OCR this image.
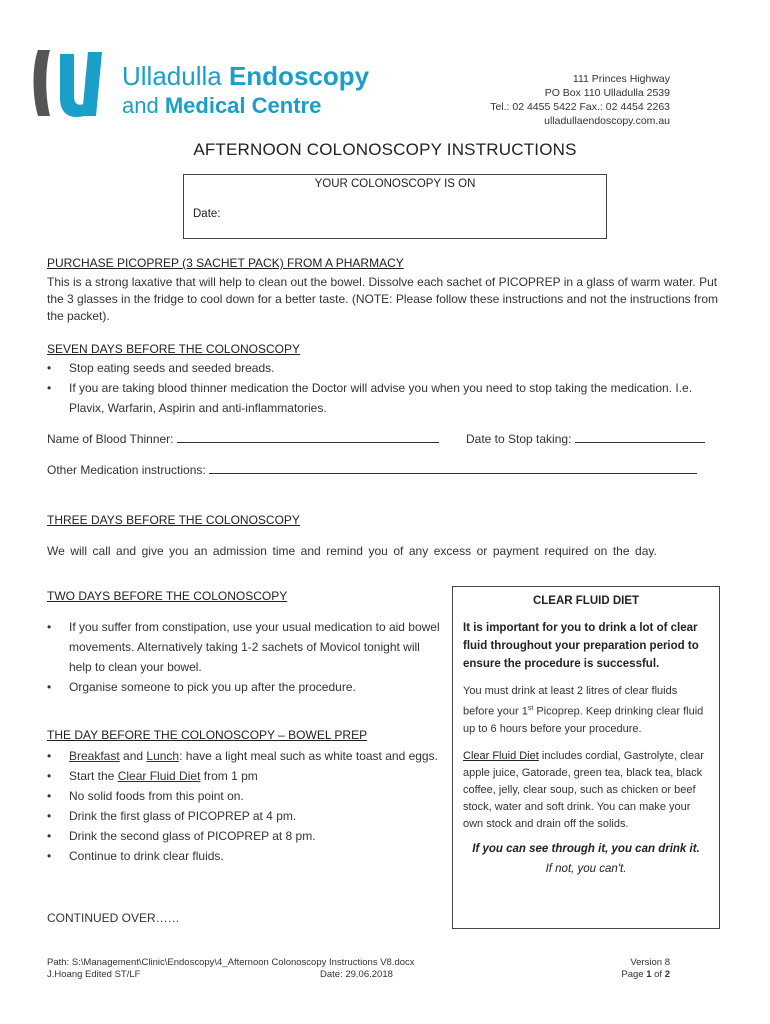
Ulladulla Endoscopy
and Medical Centre
111 Princes Highway
PO Box 110 Ulladulla 2539
Tel.: 02 4455 5422 Fax.: 02 4454 2263
ulladullaendoscopy.com.au
AFTERNOON COLONOSCOPY INSTRUCTIONS
YOUR COLONOSCOPY IS ON
Date:
PURCHASE PICOPREP (3 SACHET PACK) FROM A PHARMACY
This is a strong laxative that will help to clean out the bowel. Dissolve each sachet of PICOPREP in a glass of warm water. Put the 3 glasses in the fridge to cool down for a better taste. (NOTE: Please follow these instructions and not the instructions from the packet).
SEVEN DAYS BEFORE THE COLONOSCOPY
• Stop eating seeds and seeded breads.
• If you are taking blood thinner medication the Doctor will advise you when you need to stop taking the medication. I.e. Plavix, Warfarin, Aspirin and anti-inflammatories.
Name of Blood Thinner:	Date to Stop taking:
Other Medication instructions:
THREE DAYS BEFORE THE COLONOSCOPY
We will call and give you an admission time and remind you of any excess or payment required on the day.
TWO DAYS BEFORE THE COLONOSCOPY
• If you suffer from constipation, use your usual medication to aid bowel movements. Alternatively taking 1-2 sachets of Movicol tonight will help to clean your bowel.
• Organise someone to pick you up after the procedure.
THE DAY BEFORE THE COLONOSCOPY – BOWEL PREP
• Breakfast and Lunch: have a light meal such as white toast and eggs.
• Start the Clear Fluid Diet from 1 pm
• No solid foods from this point on.
• Drink the first glass of PICOPREP at 4 pm.
• Drink the second glass of PICOPREP at 8 pm.
• Continue to drink clear fluids.
CONTINUED OVER……
CLEAR FLUID DIET
It is important for you to drink a lot of clear fluid throughout your preparation period to ensure the procedure is successful.
You must drink at least 2 litres of clear fluids before your 1st Picoprep. Keep drinking clear fluid up to 6 hours before your procedure.
Clear Fluid Diet includes cordial, Gastrolyte, clear apple juice, Gatorade, green tea, black tea, black coffee, jelly, clear soup, such as chicken or beef stock, water and soft drink. You can make your own stock and drain off the solids.
If you can see through it, you can drink it.
If not, you can't.
Path: S:\Management\Clinic\Endoscopy\4_Afternoon Colonoscopy Instructions V8.docx
J.Hoang Edited ST/LF	Date: 29.06.2018
Version 8
Page 1 of 2
